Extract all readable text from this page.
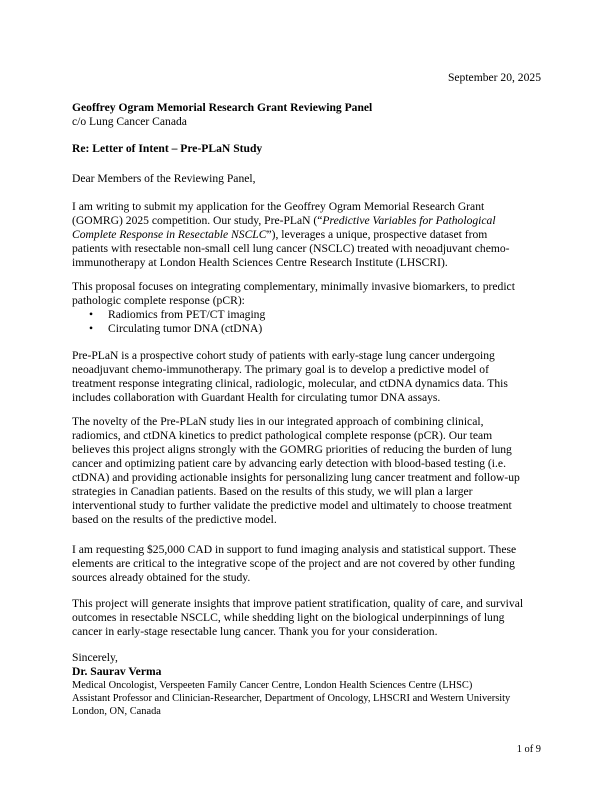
September 20, 2025
Geoffrey Ogram Memorial Research Grant Reviewing Panel
c/o Lung Cancer Canada
Re: Letter of Intent – Pre-PLaN Study
Dear Members of the Reviewing Panel,
I am writing to submit my application for the Geoffrey Ogram Memorial Research Grant
(GOMRG) 2025 competition. Our study, Pre-PLaN (“Predictive Variables for Pathological
Complete Response in Resectable NSCLC”), leverages a unique, prospective dataset from
patients with resectable non-small cell lung cancer (NSCLC) treated with neoadjuvant chemo-
immunotherapy at London Health Sciences Centre Research Institute (LHSCRI).
This proposal focuses on integrating complementary, minimally invasive biomarkers, to predict
pathologic complete response (pCR):
• Radiomics from PET/CT imaging
• Circulating tumor DNA (ctDNA)
Pre-PLaN is a prospective cohort study of patients with early-stage lung cancer undergoing
neoadjuvant chemo-immunotherapy. The primary goal is to develop a predictive model of
treatment response integrating clinical, radiologic, molecular, and ctDNA dynamics data. This
includes collaboration with Guardant Health for circulating tumor DNA assays.
The novelty of the Pre-PLaN study lies in our integrated approach of combining clinical,
radiomics, and ctDNA kinetics to predict pathological complete response (pCR). Our team
believes this project aligns strongly with the GOMRG priorities of reducing the burden of lung
cancer and optimizing patient care by advancing early detection with blood-based testing (i.e.
ctDNA) and providing actionable insights for personalizing lung cancer treatment and follow-up
strategies in Canadian patients. Based on the results of this study, we will plan a larger
interventional study to further validate the predictive model and ultimately to choose treatment
based on the results of the predictive model.
I am requesting $25,000 CAD in support to fund imaging analysis and statistical support. These
elements are critical to the integrative scope of the project and are not covered by other funding
sources already obtained for the study.
This project will generate insights that improve patient stratification, quality of care, and survival
outcomes in resectable NSCLC, while shedding light on the biological underpinnings of lung
cancer in early-stage resectable lung cancer. Thank you for your consideration.
Sincerely,
Dr. Saurav Verma
Medical Oncologist, Verspeeten Family Cancer Centre, London Health Sciences Centre (LHSC)
Assistant Professor and Clinician-Researcher, Department of Oncology, LHSCRI and Western University
London, ON, Canada
1 of 9
